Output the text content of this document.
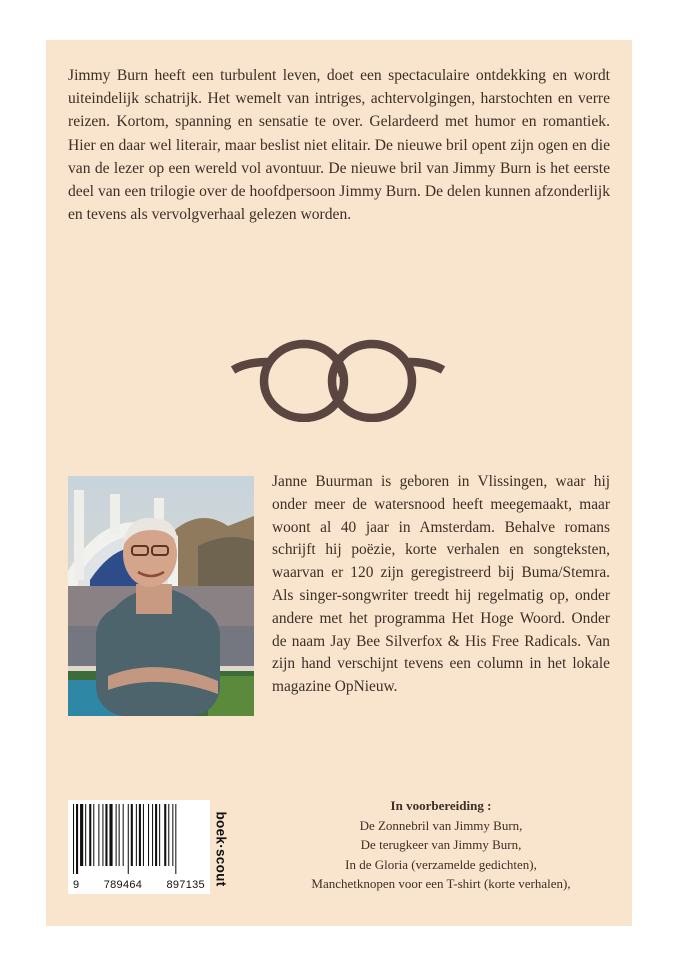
Jimmy Burn heeft een turbulent leven, doet een spectaculaire ontdekking en wordt uiteindelijk schatrijk. Het wemelt van intriges, achtervolgingen, harstochten en verre reizen. Kortom, spanning en sensatie te over. Gelardeerd met humor en romantiek. Hier en daar wel literair, maar beslist niet elitair. De nieuwe bril opent zijn ogen en die van de lezer op een wereld vol avontuur. De nieuwe bril van Jimmy Burn is het eerste deel van een trilogie over de hoofdpersoon Jimmy Burn. De delen kunnen afzonderlijk en tevens als vervolgverhaal gelezen worden.

Janne Buurman is geboren in Vlissingen, waar hij onder meer de watersnood heeft meegemaakt, maar woont al 40 jaar in Amsterdam. Behalve romans schrijft hij poëzie, korte verhalen en songteksten, waarvan er 120 zijn geregistreerd bij Buma/Stemra. Als singer-songwriter treedt hij regelmatig op, onder andere met het programma Het Hoge Woord. Onder de naam Jay Bee Silverfox & His Free Radicals. Van zijn hand verschijnt tevens een column in het lokale magazine OpNieuw.

9 789464 897135 boek·scout
In voorbereiding :
De Zonnebril van Jimmy Burn,
De terugkeer van Jimmy Burn,
In de Gloria (verzamelde gedichten),
Manchetknopen voor een T-shirt (korte verhalen),
